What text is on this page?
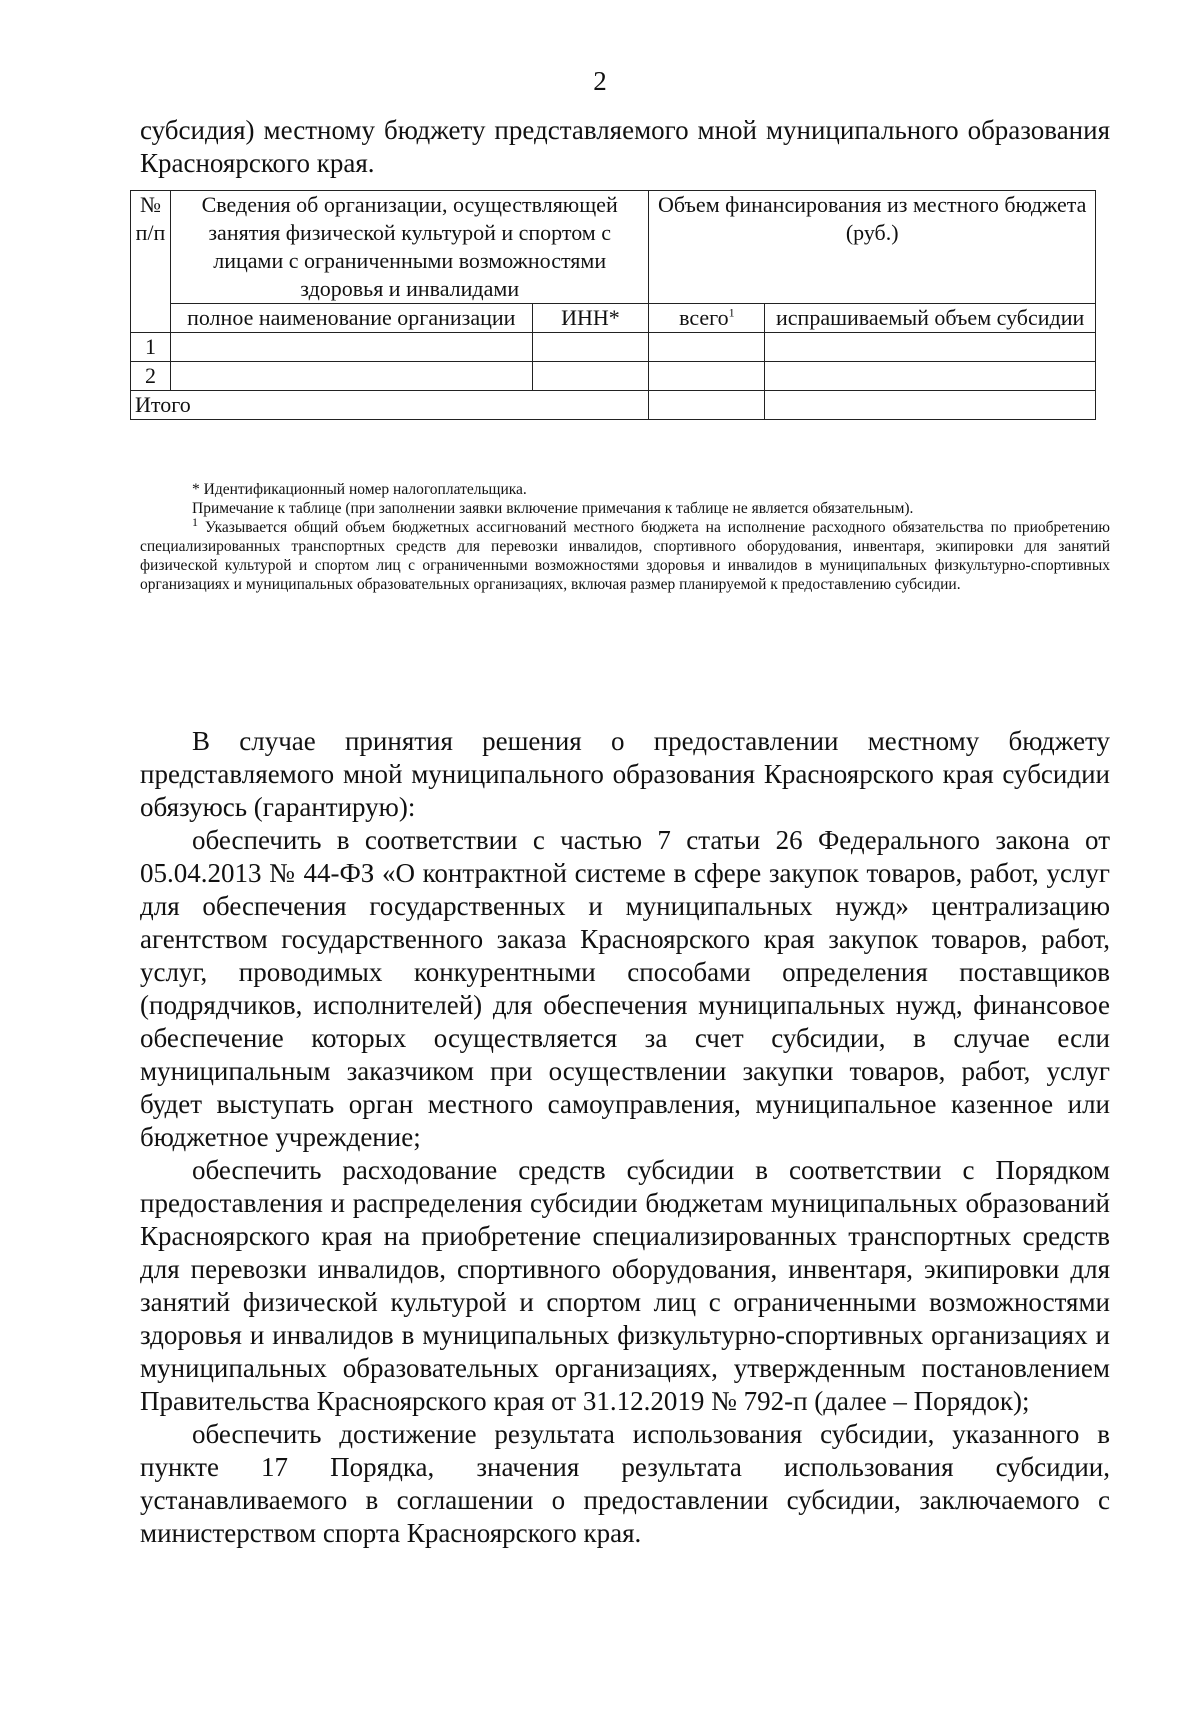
2

субсидия) местному бюджету представляемого мной муниципального образования Красноярского края.

№ п/п	Сведения об организации, осуществляющей занятия физической культурой и спортом с лицами с ограниченными возможностями здоровья и инвалидами		Объем финансирования из местного бюджета (руб.)	
	полное наименование организации	ИНН*	всего$^1$	испрашиваемый объем субсидии
1				
2				
Итого				

* Идентификационный номер налогоплательщика.

Примечание к таблице (при заполнении заявки включение примечания к таблице не является обязательным).

$^1$ Указывается общий объем бюджетных ассигнований местного бюджета на исполнение расходного обязательства по приобретению специализированных транспортных средств для перевозки инвалидов, спортивного оборудования, инвентаря, экипировки для занятий физической культурой и спортом лиц с ограниченными возможностями здоровья и инвалидов в муниципальных физкультурно-спортивных организациях и муниципальных образовательных организациях, включая размер планируемой к предоставлению субсидии.

В случае принятия решения о предоставлении местному бюджету представляемого мной муниципального образования Красноярского края субсидии обязуюсь (гарантирую):

обеспечить в соответствии с частью 7 статьи 26 Федерального закона от 05.04.2013 № 44-ФЗ «О контрактной системе в сфере закупок товаров, работ, услуг для обеспечения государственных и муниципальных нужд» централизацию агентством государственного заказа Красноярского края закупок товаров, работ, услуг, проводимых конкурентными способами определения поставщиков (подрядчиков, исполнителей) для обеспечения муниципальных нужд, финансовое обеспечение которых осуществляется за счет субсидии, в случае если муниципальным заказчиком при осуществлении закупки товаров, работ, услуг будет выступать орган местного самоуправления, муниципальное казенное или бюджетное учреждение;

обеспечить расходование средств субсидии в соответствии с Порядком предоставления и распределения субсидии бюджетам муниципальных образований Красноярского края на приобретение специализированных транспортных средств для перевозки инвалидов, спортивного оборудования, инвентаря, экипировки для занятий физической культурой и спортом лиц с ограниченными возможностями здоровья и инвалидов в муниципальных физкультурно-спортивных организациях и муниципальных образовательных организациях, утвержденным постановлением Правительства Красноярского края от 31.12.2019 № 792-п (далее – Порядок);

обеспечить достижение результата использования субсидии, указанного в пункте 17 Порядка, значения результата использования субсидии, устанавливаемого в соглашении о предоставлении субсидии, заключаемого с министерством спорта Красноярского края.
